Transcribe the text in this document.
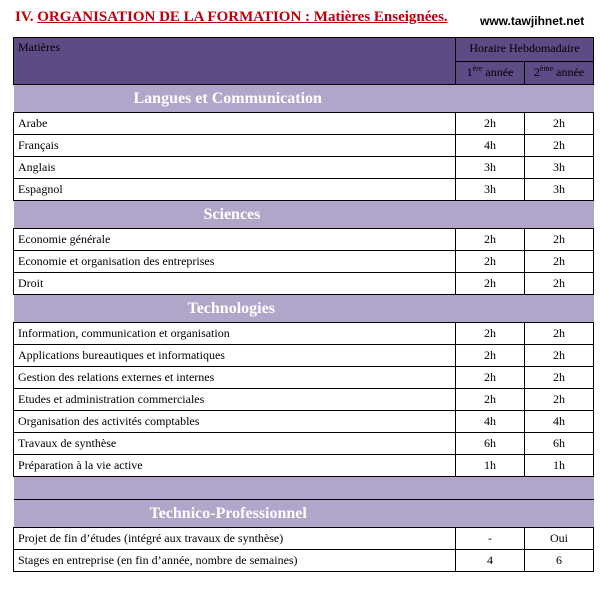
IV. ORGANISATION DE LA FORMATION : Matières Enseignées.	www.tawjihnet.net
Matières	Horaire Hebdomadaire	
	1ère année	2ème année
Langues et Communication		
Arabe	2h	2h
Français	4h	2h
Anglais	3h	3h
Espagnol	3h	3h
Sciences		
Economie générale	2h	2h
Economie et organisation des entreprises	2h	2h
Droit	2h	2h
Technologies		
Information, communication et organisation	2h	2h
Applications bureautiques et informatiques	2h	2h
Gestion des relations externes et internes	2h	2h
Etudes et administration commerciales	2h	2h
Organisation des activités comptables	4h	4h
Travaux de synthèse	6h	6h
Préparation à la vie active	1h	1h

Technico-Professionnel		
Projet de fin d’études (intégré aux travaux de synthèse)	-	Oui
Stages en entreprise (en fin d’année, nombre de semaines)	4	6
